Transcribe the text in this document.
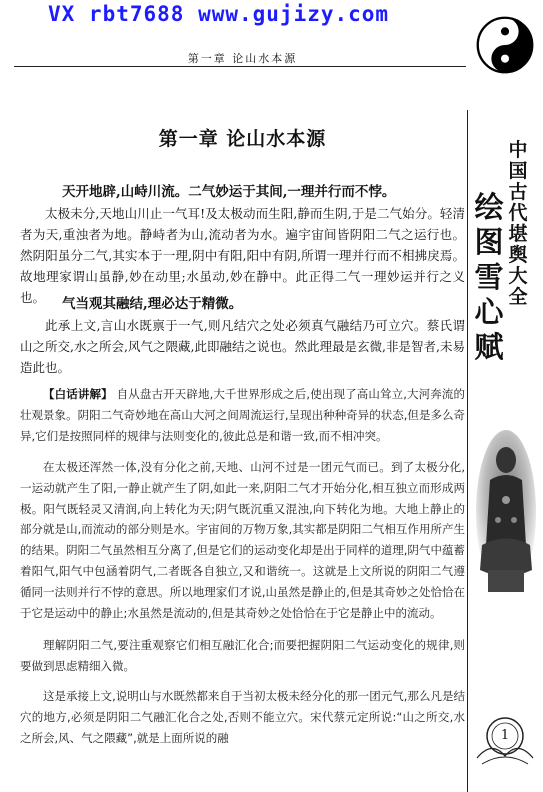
VX rbt7688 www.gujizy.com
第一章 论山水本源
中国古代堪舆大全
绘图雪心赋
1
第一章 论山水本源
天开地辟,山峙川流。二气妙运于其间,一理并行而不悖。
太极未分,天地山川止一气耳!及太极动而生阳,静而生阴,于是二气始分。轻清者为天,重浊者为地。静峙者为山,流动者为水。遍宇宙间皆阴阳二气之运行也。然阴阳虽分二气,其实本于一理,阴中有阳,阳中有阴,所谓一理并行而不相拂戾焉。故地理家谓山虽静,妙在动里;水虽动,妙在静中。此正得二气一理妙运并行之义也。	气当观其融结,理必达于精微。
此承上文,言山水既禀于一气,则凡结穴之处必须真气融结乃可立穴。蔡氏谓山之所交,水之所会,风气之隈藏,此即融结之说也。然此理最是玄微,非是智者,未易造此也。
【白话讲解】 自从盘古开天辟地,大千世界形成之后,使出现了高山耸立,大河奔流的壮观景象。阴阳二气奇妙地在高山大河之间周流运行,呈现出种种奇异的状态,但是多么奇异,它们是按照同样的规律与法则变化的,彼此总是和谐一致,而不相冲突。
在太极还浑然一体,没有分化之前,天地、山河不过是一团元气而已。到了太极分化,一运动就产生了阳,一静止就产生了阴,如此一来,阴阳二气才开始分化,相互独立而形成两极。阳气既轻灵又清润,向上转化为天;阴气既沉重又混浊,向下转化为地。大地上静止的部分就是山,而流动的部分则是水。宇宙间的万物万象,其实都是阴阳二气相互作用所产生的结果。阴阳二气虽然相互分离了,但是它们的运动变化却是出于同样的道理,阴气中蕴蓄着阳气,阳气中包涵着阴气,二者既各自独立,又和谐统一。这就是上文所说的阴阳二气遵循同一法则并行不悖的意思。所以地理家们才说,山虽然是静止的,但是其奇妙之处恰恰在于它是运动中的静止;水虽然是流动的,但是其奇妙之处恰恰在于它是静止中的流动。
理解阴阳二气,要注重观察它们相互融汇化合;而要把握阴阳二气运动变化的规律,则要做到思虑精细入微。
这是承接上文,说明山与水既然都来自于当初太极未经分化的那一团元气,那么凡是结穴的地方,必须是阴阳二气融汇化合之处,否则不能立穴。宋代蔡元定所说:“山之所交,水之所会,风、气之隈藏”,就是上面所说的融
